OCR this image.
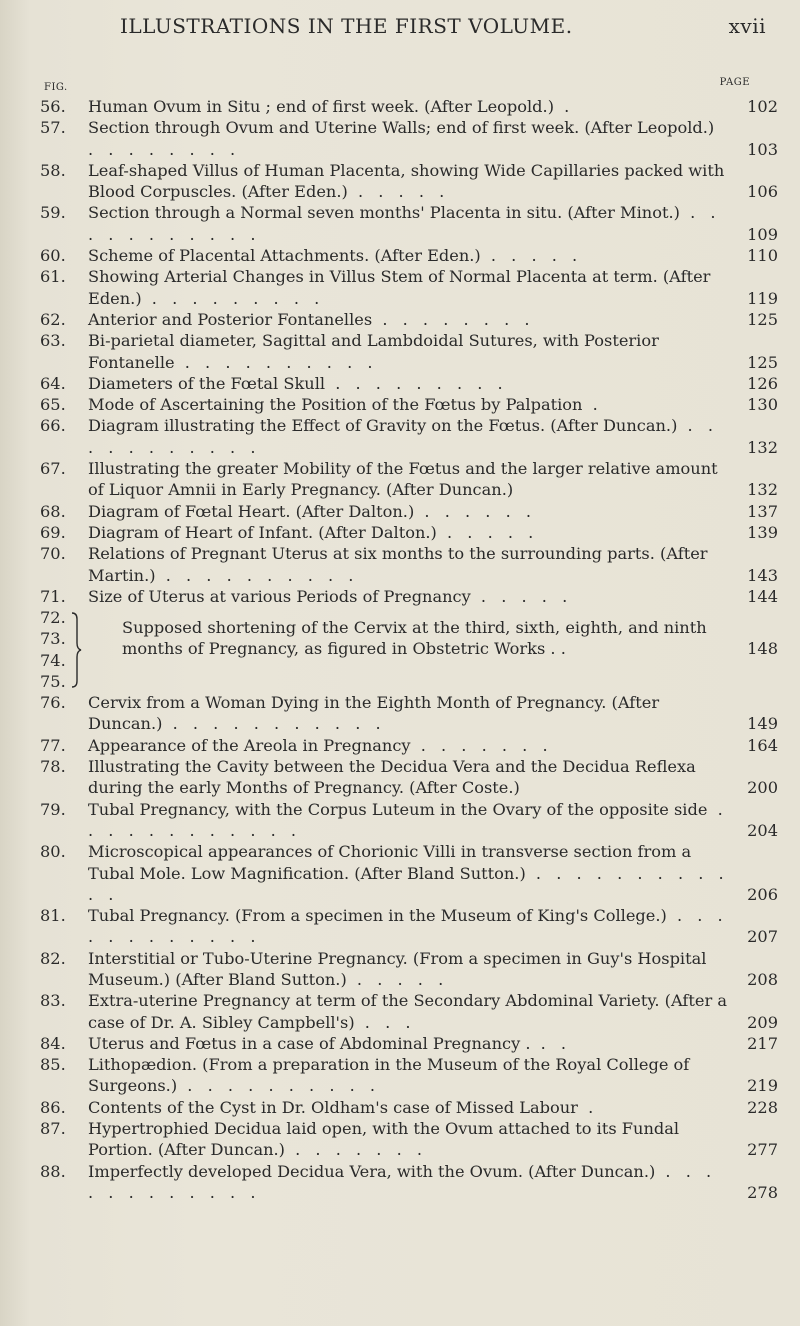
ILLUSTRATIONS IN THE FIRST VOLUME.	xvii
PAGE
FIG.
56.	Human Ovum in Situ ; end of first week. (After Leopold.) .	102
57.	Section through Ovum and Uterine Walls; end of first week. (After Leopold.) . . . . . . . .	103
58.	Leaf-shaped Villus of Human Placenta, showing Wide Capillaries packed with Blood Corpuscles. (After Eden.) . . . . .	106
59.	Section through a Normal seven months' Placenta in situ. (After Minot.) . . . . . . . . . . .	109
60.	Scheme of Placental Attachments. (After Eden.) . . . . .	110
61.	Showing Arterial Changes in Villus Stem of Normal Placenta at term. (After Eden.) . . . . . . . . .	119
62.	Anterior and Posterior Fontanelles . . . . . . . .	125
63.	Bi-parietal diameter, Sagittal and Lambdoidal Sutures, with Posterior Fontanelle . . . . . . . . . .	125
64.	Diameters of the Fœtal Skull . . . . . . . . .	126
65.	Mode of Ascertaining the Position of the Fœtus by Palpation .	130
66.	Diagram illustrating the Effect of Gravity on the Fœtus. (After Duncan.) . . . . . . . . . . .	132
67.	Illustrating the greater Mobility of the Fœtus and the larger relative amount of Liquor Amnii in Early Pregnancy. (After Duncan.)	132
68.	Diagram of Fœtal Heart. (After Dalton.) . . . . . .	137
69.	Diagram of Heart of Infant. (After Dalton.) . . . . .	139
70.	Relations of Pregnant Uterus at six months to the surrounding parts. (After Martin.) . . . . . . . . . .	143
71.	Size of Uterus at various Periods of Pregnancy . . . . .	144
72.
73.
74.
75.
Supposed shortening of the Cervix at the third, sixth, eighth, and ninth months of Pregnancy, as figured in Obstetric Works . .	148
76.	Cervix from a Woman Dying in the Eighth Month of Pregnancy. (After Duncan.) . . . . . . . . . . .	149
77.	Appearance of the Areola in Pregnancy . . . . . . .	164
78.	Illustrating the Cavity between the Decidua Vera and the Decidua Reflexa during the early Months of Pregnancy. (After Coste.)	200
79.	Tubal Pregnancy, with the Corpus Luteum in the Ovary of the opposite side . . . . . . . . . . . .	204
80.	Microscopical appearances of Chorionic Villi in transverse section from a Tubal Mole. Low Magnification. (After Bland Sutton.) . . . . . . . . . . . .	206
81.	Tubal Pregnancy. (From a specimen in the Museum of King's College.) . . . . . . . . . . . .	207
82.	Interstitial or Tubo-Uterine Pregnancy. (From a specimen in Guy's Hospital Museum.) (After Bland Sutton.) . . . . .	208
83.	Extra-uterine Pregnancy at term of the Secondary Abdominal Variety. (After a case of Dr. A. Sibley Campbell's) . . .	209
84.	Uterus and Fœtus in a case of Abdominal Pregnancy . . .	217
85.	Lithopædion. (From a preparation in the Museum of the Royal College of Surgeons.) . . . . . . . . . .	219
86.	Contents of the Cyst in Dr. Oldham's case of Missed Labour .	228
87.	Hypertrophied Decidua laid open, with the Ovum attached to its Fundal Portion. (After Duncan.) . . . . . . .	277
88.	Imperfectly developed Decidua Vera, with the Ovum. (After Duncan.) . . . . . . . . . . . .	278
